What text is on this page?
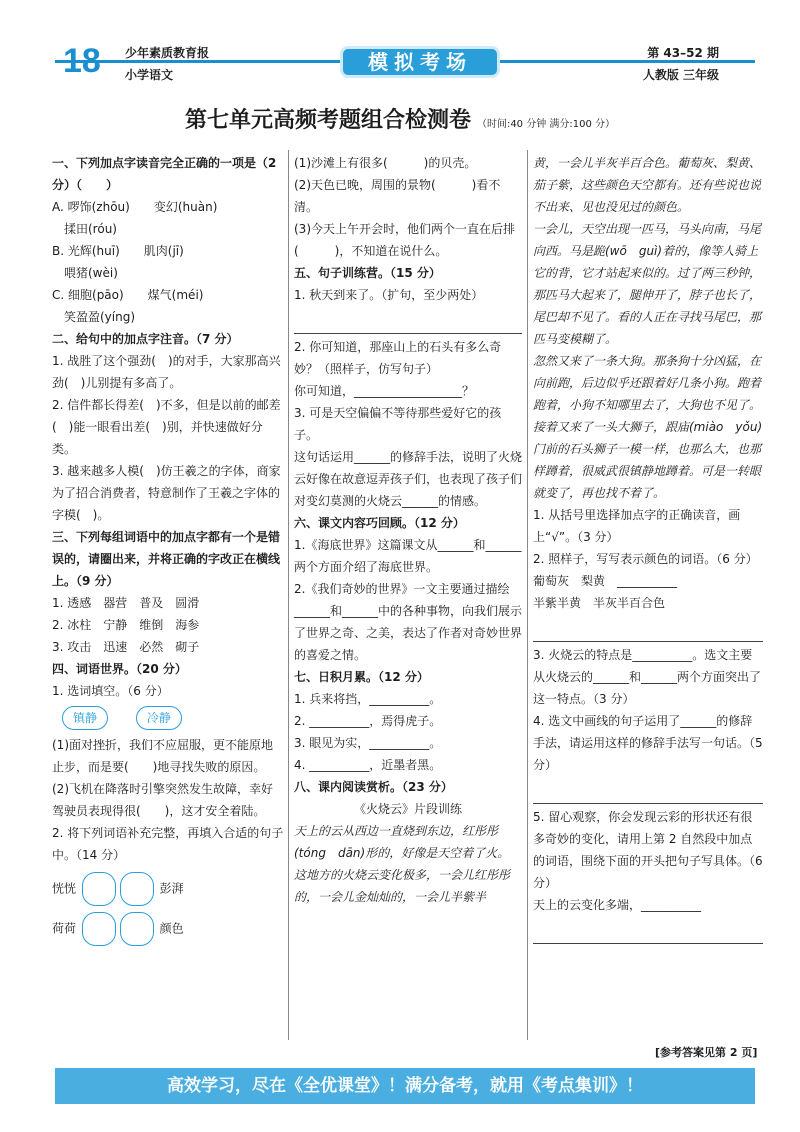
18 少年素质教育报
小学语文
模拟考场	第 43–52 期
人教版 三年级
第七单元高频考题组合检测卷 （时间:40 分钟 满分:100 分）
一、下列加点字读音完全正确的一项是（2 分）（　　）
A. 啰饰(zhōu)　　变幻(huàn)
　揉田(róu)
B. 光辉(huī)　　肌肉(jī)
　喂猪(wèi)
C. 细胞(pāo)　　煤气(méi)
　笑盈盈(yíng)
二、给句中的加点字注音。（7 分）
1. 战胜了这个强劲(　)的对手，大家那高兴劲(　)儿别提有多高了。
2. 信件都长得差(　)不多，但是以前的邮差(　)能一眼看出差(　)别，并快速做好分类。
3. 越来越多人模(　)仿王羲之的字体，商家为了招合消费者，特意制作了王羲之字体的字模(　)。
三、下列每组词语中的加点字都有一个是错误的，请圈出来，并将正确的字改正在横线上。（9 分）
1. 透感　器营　普及　圆滑
2. 冰柱　宁静　维倒　海参
3. 攻击　迅速　必然　砌子
四、词语世界。（20 分）
1. 选词填空。（6 分）
镇静	冷静
(1)面对挫折，我们不应屈服，更不能原地止步，而是要(　　)地寻找失败的原因。
(2)飞机在降落时引擎突然发生故障，幸好驾驶员表现得很(　　)，这才安全着陆。
2. 将下列词语补充完整，再填入合适的句子中。（14 分）
恍恍	彭湃
荷荷	颜色
(1)沙滩上有很多(　　　)的贝壳。
(2)天色已晚，周围的景物(　　　)看不清。
(3)今天上午开会时，他们两个一直在后排(　　　)，不知道在说什么。
五、句子训练营。（15 分）
1. 秋天到来了。（扩句，至少两处）
2. 你可知道，那座山上的石头有多么奇妙？（照样子，仿写句子）
你可知道，__________________？
3. 可是天空偏偏不等待那些爱好它的孩子。
这句话运用______的修辞手法，说明了火烧云好像在故意逗弄孩子们，也表现了孩子们对变幻莫测的火烧云______的情感。
六、课文内容巧回顾。（12 分）
1.《海底世界》这篇课文从______和______两个方面介绍了海底世界。
2.《我们奇妙的世界》一文主要通过描绘______和______中的各种事物，向我们展示了世界之奇、之美，表达了作者对奇妙世界的喜爱之情。
七、日积月累。（12 分）
1. 兵来将挡，__________。
2. __________，焉得虎子。
3. 眼见为实，__________。
4. __________，近墨者黑。
八、课内阅读赏析。（23 分）
《火烧云》片段训练
天上的云从西边一直烧到东边，红彤彤(tóng　dān)形的，好像是天空着了火。
这地方的火烧云变化极多，一会儿红彤彤的，一会儿金灿灿的，一会儿半紫半
黄，一会儿半灰半百合色。葡萄灰、梨黄、茄子紫，这些颜色天空都有。还有些说也说不出来、见也没见过的颜色。
一会儿，天空出现一匹马，马头向南，马尾向西。马是跪(wō　guì)着的，像等人骑上它的背，它才站起来似的。过了两三秒钟，那匹马大起来了，腿伸开了，脖子也长了，尾巴却不见了。看的人正在寻找马尾巴，那匹马变模糊了。
忽然又来了一条大狗。那条狗十分凶猛，在向前跑，后边似乎还跟着好几条小狗。跑着跑着，小狗不知哪里去了，大狗也不见了。
接着又来了一头大狮子，跟庙(miào　yǒu)门前的石头狮子一模一样，也那么大，也那样蹲着，很威武很镇静地蹲着。可是一转眼就变了，再也找不着了。
1. 从括号里选择加点字的正确读音，画上“√”。（3 分）
2. 照样子，写写表示颜色的词语。（6 分）
葡萄灰　梨黄　__________
半紫半黄　半灰半百合色
3. 火烧云的特点是__________。选文主要从火烧云的______和______两个方面突出了这一特点。（3 分）
4. 选文中画线的句子运用了______的修辞手法，请运用这样的修辞手法写一句话。（5 分）
5. 留心观察，你会发现云彩的形状还有很多奇妙的变化，请用上第 2 自然段中加点的词语，围绕下面的开头把句子写具体。（6 分）
天上的云变化多端，__________
[参考答案见第 2 页]
高效学习，尽在《全优课堂》！满分备考，就用《考点集训》！
